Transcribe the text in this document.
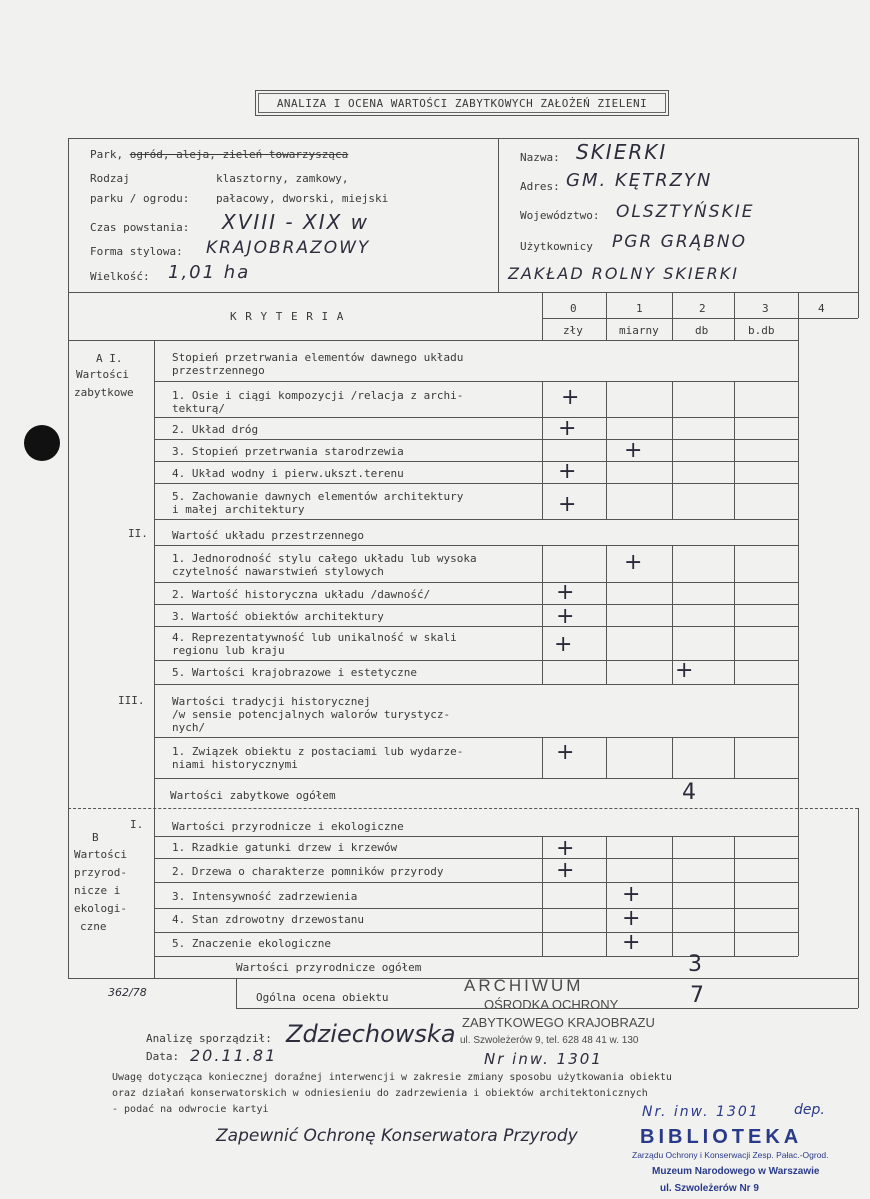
ANALIZA I OCENA WARTOŚCI ZABYTKOWYCH ZAŁOŻEŃ ZIELENI
Park, ogród, aleja, zieleń towarzysząca
Rodzaj
parku / ogrodu:
klasztorny, zamkowy,
pałacowy, dworski, miejski
Czas powstania: XVIII - XIX w
Forma stylowa: KRAJOBRAZOWY
Wielkość: 1,01 ha
Nazwa: SKIERKI
Adres: GM. KĘTRZYN
Województwo: OLSZTYŃSKIE
Użytkownicy PGR GRĄBNO
ZAKŁAD ROLNY SKIERKI
K R Y T E R I A
0
zły
1
miarny
2
db
3
b.db
4
A I.
Wartości
zabytkowe
Stopień przetrwania elementów dawnego układu
przestrzennego
1. Osie i ciągi kompozycji /relacja z archi-
tekturą/
2. Układ dróg
3. Stopień przetrwania starodrzewia
4. Układ wodny i pierw.ukszt.terenu
5. Zachowanie dawnych elementów architektury
i małej architektury
II. Wartość układu przestrzennego
1. Jednorodność stylu całego układu lub wysoka
czytelność nawarstwień stylowych
2. Wartość historyczna układu /dawność/
3. Wartość obiektów architektury
4. Reprezentatywność lub unikalność w skali
regionu lub kraju
5. Wartości krajobrazowe i estetyczne
III.	Wartości tradycji historycznej
/w sensie potencjalnych walorów turystycz-
nych/
1. Związek obiektu z postaciami lub wydarze-
niami historycznymi
Wartości zabytkowe ogółem
I.
B
Wartości
przyrod-
nicze i
ekologi-
czne
Wartości przyrodnicze i ekologiczne
1. Rzadkie gatunki drzew i krzewów
2. Drzewa o charakterze pomników przyrody
3. Intensywność zadrzewienia
4. Stan zdrowotny drzewostanu
5. Znaczenie ekologiczne
Wartości przyrodnicze ogółem
Ogólna ocena obiektu
+
+
+
+
+
+
+
+
+
+
+
4
+
+
+
+
+
3
7
362/78	ARCHIWUM
OŚRODKA OCHRONY
ZABYTKOWEGO KRAJOBRAZU
ul. Szwoleżerów 9, tel. 628 48 41 w. 130
Nr inw. 1301
Analizę sporządził: Zdziechowska
Data: 20.11.81
Uwagę dotycząca koniecznej doraźnej interwencji w zakresie zmiany sposobu użytkowania obiektu
oraz działań konserwatorskich w odniesieniu do zadrzewienia i obiektów architektonicznych
- podać na odwrocie kartyi
Zapewnić Ochronę Konserwatora Przyrody
Nr. inw. 1301 dep.
BIBLIOTEKA
Zarządu Ochrony i Konserwacji Zesp. Pałac.-Ogrod.
Muzeum Narodowego w Warszawie
ul. Szwoleżerów Nr 9
